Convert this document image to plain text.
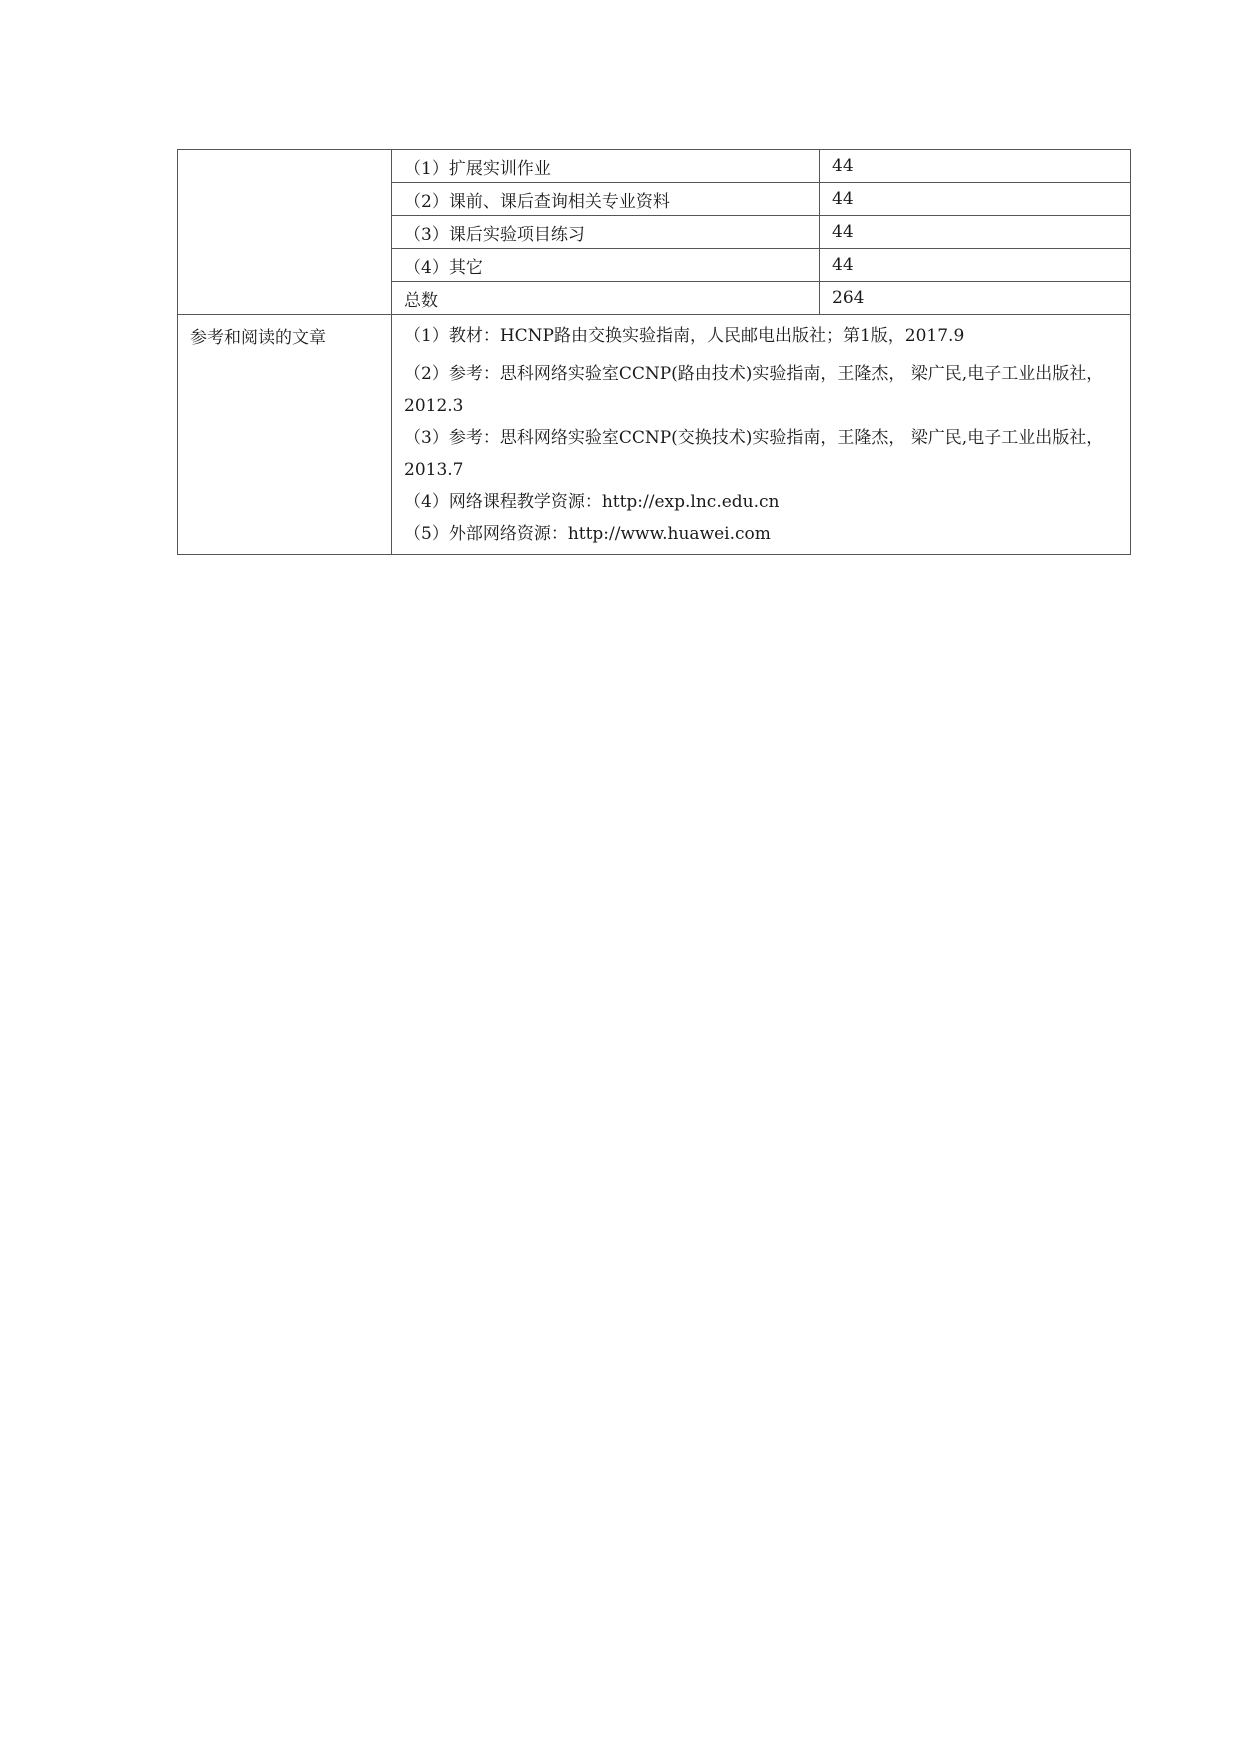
	（1）扩展实训作业	44
	（2）课前、课后查询相关专业资料	44
	（3）课后实验项目练习	44
	（4）其它	44
	总数	264
参考和阅读的文章	（1）教材：HCNP路由交换实验指南，人民邮电出版社；第1版，2017.9
（2）参考：思科网络实验室CCNP(路由技术)实验指南，王隆杰， 梁广民,电子工业出版社，2012.3
（3）参考：思科网络实验室CCNP(交换技术)实验指南，王隆杰， 梁广民,电子工业出版社，2013.7
（4）网络课程教学资源：http://exp.lnc.edu.cn
（5）外部网络资源：http://www.huawei.com	
